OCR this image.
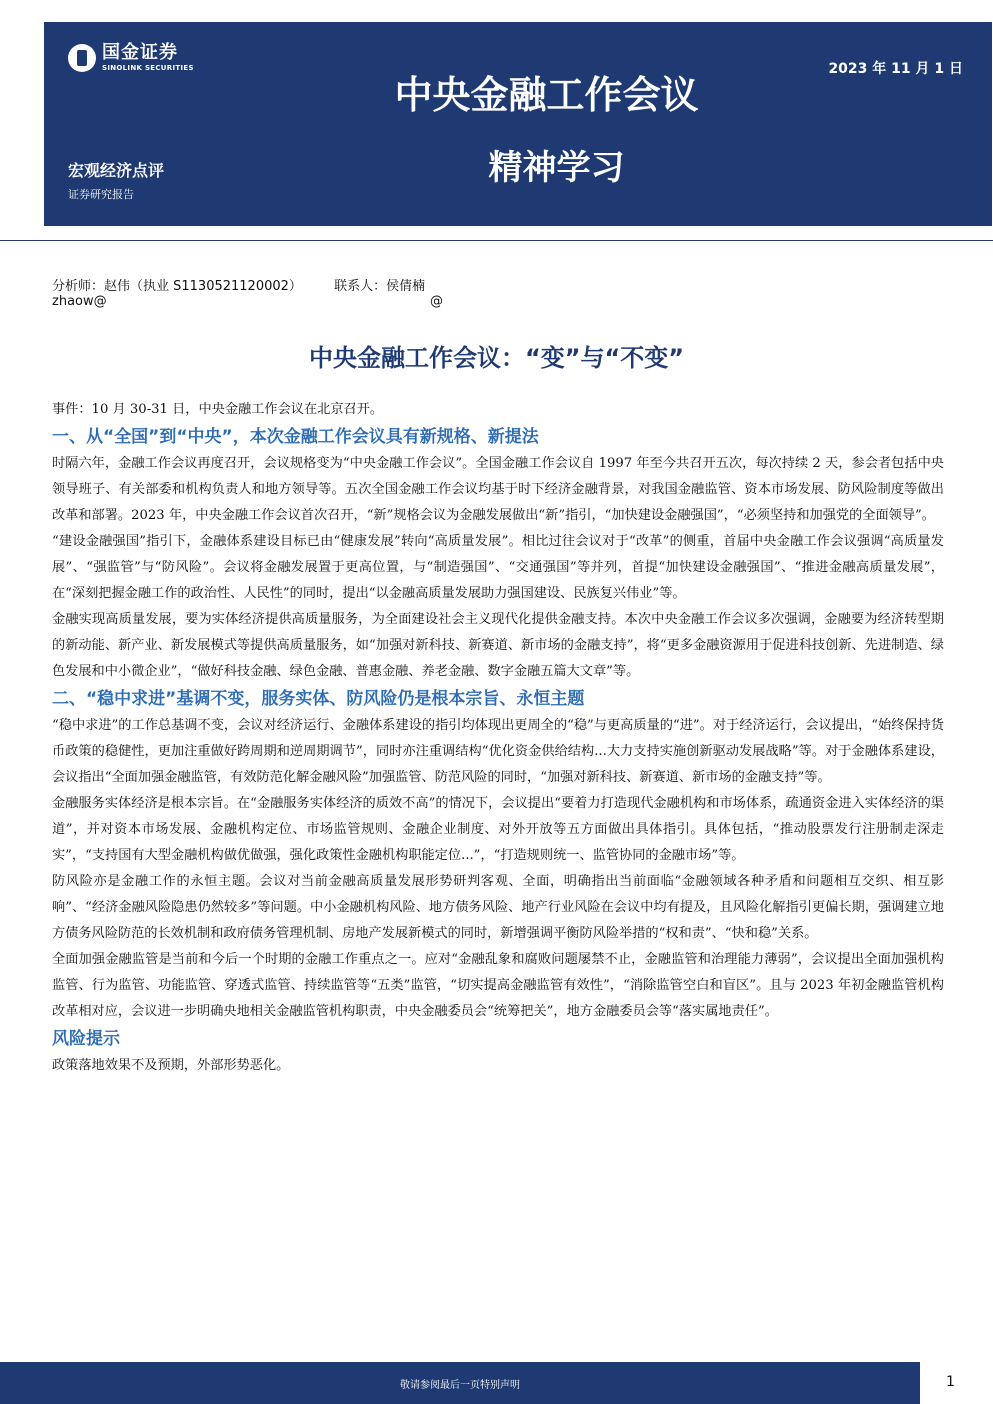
国金证券
SINOLINK SECURITIES	2023 年 11 月 1 日
中央金融工作会议
精神学习
宏观经济点评
证券研究报告
分析师：赵伟（执业 S1130521120002） 联系人：侯倩楠
zhaow@	@
中央金融工作会议：“变”与“不变”

事件：10 月 30-31 日，中央金融工作会议在北京召开。

一、从“全国”到“中央”，本次金融工作会议具有新规格、新提法

时隔六年，金融工作会议再度召开，会议规格变为“中央金融工作会议”。全国金融工作会议自 1997 年至今共召开五次，每次持续 2 天，参会者包括中央领导班子、有关部委和机构负责人和地方领导等。五次全国金融工作会议均基于时下经济金融背景，对我国金融监管、资本市场发展、防风险制度等做出改革和部署。2023 年，中央金融工作会议首次召开，“新”规格会议为金融发展做出“新”指引，“加快建设金融强国”，“必须坚持和加强党的全面领导”。

“建设金融强国”指引下，金融体系建设目标已由“健康发展”转向“高质量发展”。相比过往会议对于“改革”的侧重，首届中央金融工作会议强调“高质量发展”、“强监管”与“防风险”。会议将金融发展置于更高位置，与“制造强国”、“交通强国”等并列，首提“加快建设金融强国”、“推进金融高质量发展”，在“深刻把握金融工作的政治性、人民性”的同时，提出“以金融高质量发展助力强国建设、民族复兴伟业”等。

金融实现高质量发展，要为实体经济提供高质量服务，为全面建设社会主义现代化提供金融支持。本次中央金融工作会议多次强调，金融要为经济转型期的新动能、新产业、新发展模式等提供高质量服务，如“加强对新科技、新赛道、新市场的金融支持”，将“更多金融资源用于促进科技创新、先进制造、绿色发展和中小微企业”，“做好科技金融、绿色金融、普惠金融、养老金融、数字金融五篇大文章”等。

二、“稳中求进”基调不变，服务实体、防风险仍是根本宗旨、永恒主题

“稳中求进”的工作总基调不变，会议对经济运行、金融体系建设的指引均体现出更周全的“稳”与更高质量的“进”。对于经济运行，会议提出，“始终保持货币政策的稳健性，更加注重做好跨周期和逆周期调节”，同时亦注重调结构“优化资金供给结构...大力支持实施创新驱动发展战略”等。对于金融体系建设，会议指出“全面加强金融监管，有效防范化解金融风险”加强监管、防范风险的同时，“加强对新科技、新赛道、新市场的金融支持”等。

金融服务实体经济是根本宗旨。在“金融服务实体经济的质效不高”的情况下，会议提出“要着力打造现代金融机构和市场体系，疏通资金进入实体经济的渠道”，并对资本市场发展、金融机构定位、市场监管规则、金融企业制度、对外开放等五方面做出具体指引。具体包括，“推动股票发行注册制走深走实”，“支持国有大型金融机构做优做强，强化政策性金融机构职能定位...”，“打造规则统一、监管协同的金融市场”等。

防风险亦是金融工作的永恒主题。会议对当前金融高质量发展形势研判客观、全面，明确指出当前面临“金融领域各种矛盾和问题相互交织、相互影响”、“经济金融风险隐患仍然较多”等问题。中小金融机构风险、地方债务风险、地产行业风险在会议中均有提及，且风险化解指引更偏长期，强调建立地方债务风险防范的长效机制和政府债务管理机制、房地产发展新模式的同时，新增强调平衡防风险举措的“权和责”、“快和稳”关系。

全面加强金融监管是当前和今后一个时期的金融工作重点之一。应对“金融乱象和腐败问题屡禁不止，金融监管和治理能力薄弱”，会议提出全面加强机构监管、行为监管、功能监管、穿透式监管、持续监管等“五类”监管，“切实提高金融监管有效性”，“消除监管空白和盲区”。且与 2023 年初金融监管机构改革相对应，会议进一步明确央地相关金融监管机构职责，中央金融委员会“统筹把关”，地方金融委员会等“落实属地责任”。

风险提示

政策落地效果不及预期，外部形势恶化。

敬请参阅最后一页特别声明	1
